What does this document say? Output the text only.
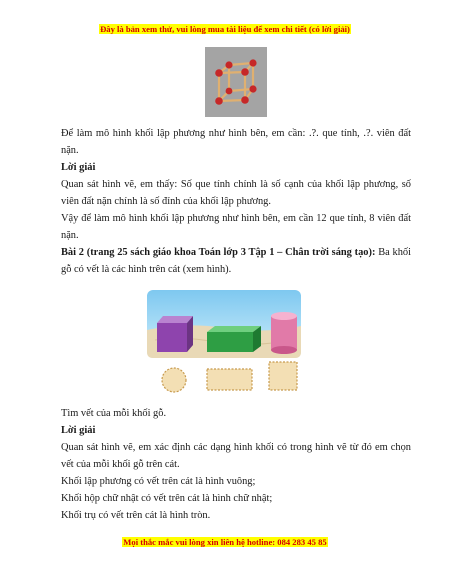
Đây là bản xem thử, vui lòng mua tài liệu để xem chi tiết (có lời giải)

Để làm mô hình khối lập phương như hình bên, em cần: .?. que tính, .?. viên đất nặn.

Lời giải

Quan sát hình vẽ, em thấy: Số que tính chính là số cạnh của khối lập phương, số viên đất nặn chính là số đỉnh của khối lập phương.

Vậy để làm mô hình khối lập phương như hình bên, em cần 12 que tính, 8 viên đất nặn.

Bài 2 (trang 25 sách giáo khoa Toán lớp 3 Tập 1 – Chân trời sáng tạo): Ba khối gỗ có vết là các hình trên cát (xem hình).

Tìm vết của mỗi khối gỗ.

Lời giải

Quan sát hình vẽ, em xác định các dạng hình khối có trong hình vẽ từ đó em chọn vết của mỗi khối gỗ trên cát.

Khối lập phương có vết trên cát là hình vuông;

Khối hộp chữ nhật có vết trên cát là hình chữ nhật;

Khối trụ có vết trên cát là hình tròn.

Mọi thắc mắc vui lòng xin liên hệ hotline: 084 283 45 85
